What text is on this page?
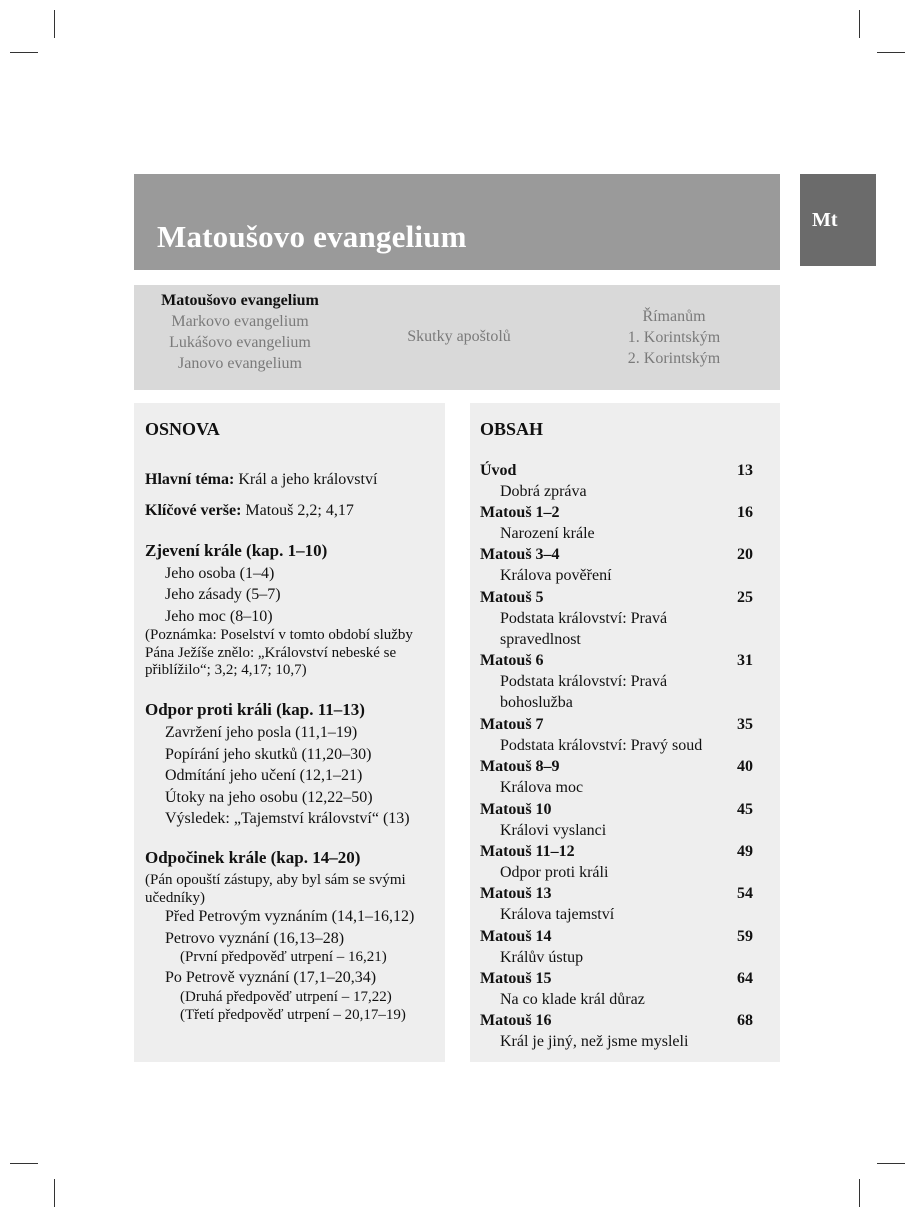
Matoušovo evangelium	Mt
Matoušovo evangelium
Markovo evangelium
Lukášovo evangelium
Janovo evangelium
Skutky apoštolů
Římanům
1. Korintským
2. Korintským
OSNOVA
Hlavní téma: Král a jeho království
Klíčové verše: Matouš 2,2; 4,17
Zjevení krále (kap. 1–10)
Jeho osoba (1–4)
Jeho zásady (5–7)
Jeho moc (8–10)
(Poznámka: Poselství v tomto období služby
Pána Ježíše znělo: „Království nebeské se
přiblížilo“; 3,2; 4,17; 10,7)
Odpor proti králi (kap. 11–13)
Zavržení jeho posla (11,1–19)
Popírání jeho skutků (11,20–30)
Odmítání jeho učení (12,1–21)
Útoky na jeho osobu (12,22–50)
Výsledek: „Tajemství království“ (13)
Odpočinek krále (kap. 14–20)
(Pán opouští zástupy, aby byl sám se svými
učedníky)
Před Petrovým vyznáním (14,1–16,12)
Petrovo vyznání (16,13–28)
(První předpověď utrpení – 16,21)
Po Petrově vyznání (17,1–20,34)
(Druhá předpověď utrpení – 17,22)
(Třetí předpověď utrpení – 20,17–19)
OBSAH
Úvod	13
Dobrá zpráva
Matouš 1–2	16
Narození krále
Matouš 3–4	20
Králova pověření
Matouš 5	25
Podstata království: Pravá
spravedlnost
Matouš 6	31
Podstata království: Pravá
bohoslužba
Matouš 7	35
Podstata království: Pravý soud
Matouš 8–9	40
Králova moc
Matouš 10	45
Královi vyslanci
Matouš 11–12	49
Odpor proti králi
Matouš 13	54
Králova tajemství
Matouš 14	59
Králův ústup
Matouš 15	64
Na co klade král důraz
Matouš 16	68
Král je jiný, než jsme mysleli
